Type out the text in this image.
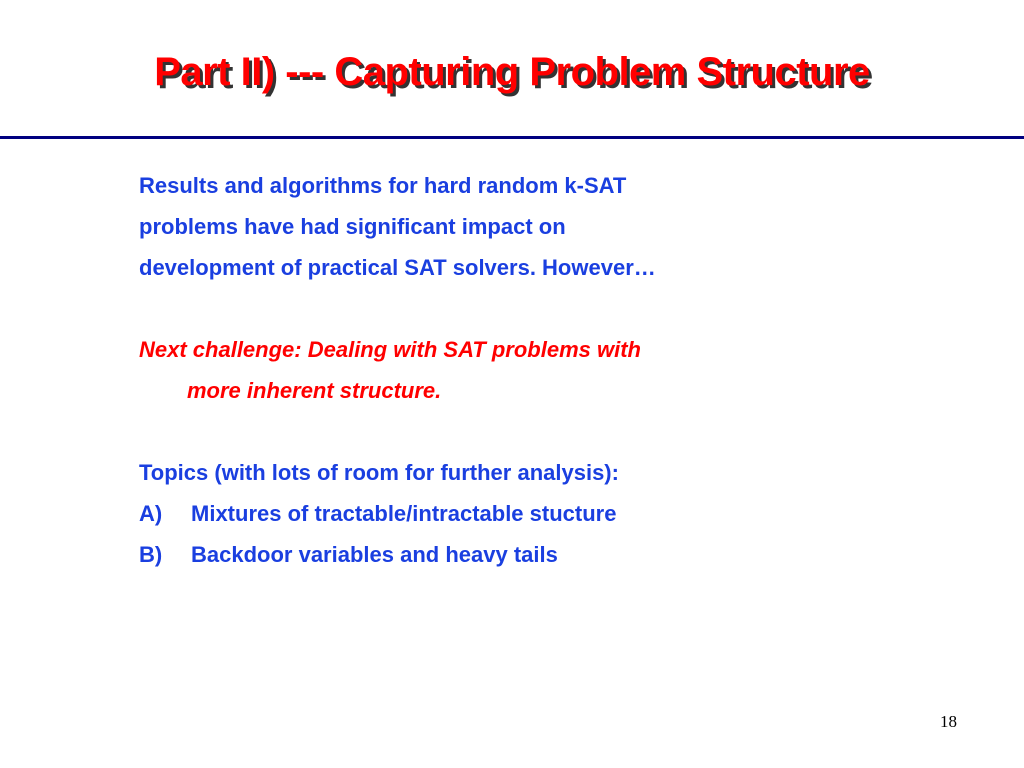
Part II) --- Capturing Problem Structure
Results and algorithms for hard random k-SAT
problems have had significant impact on
development of practical SAT solvers. However…
Next challenge: Dealing with SAT problems with
more inherent structure.
Topics (with lots of room for further analysis):
A)	Mixtures of tractable/intractable stucture
B)	Backdoor variables and heavy tails
18
